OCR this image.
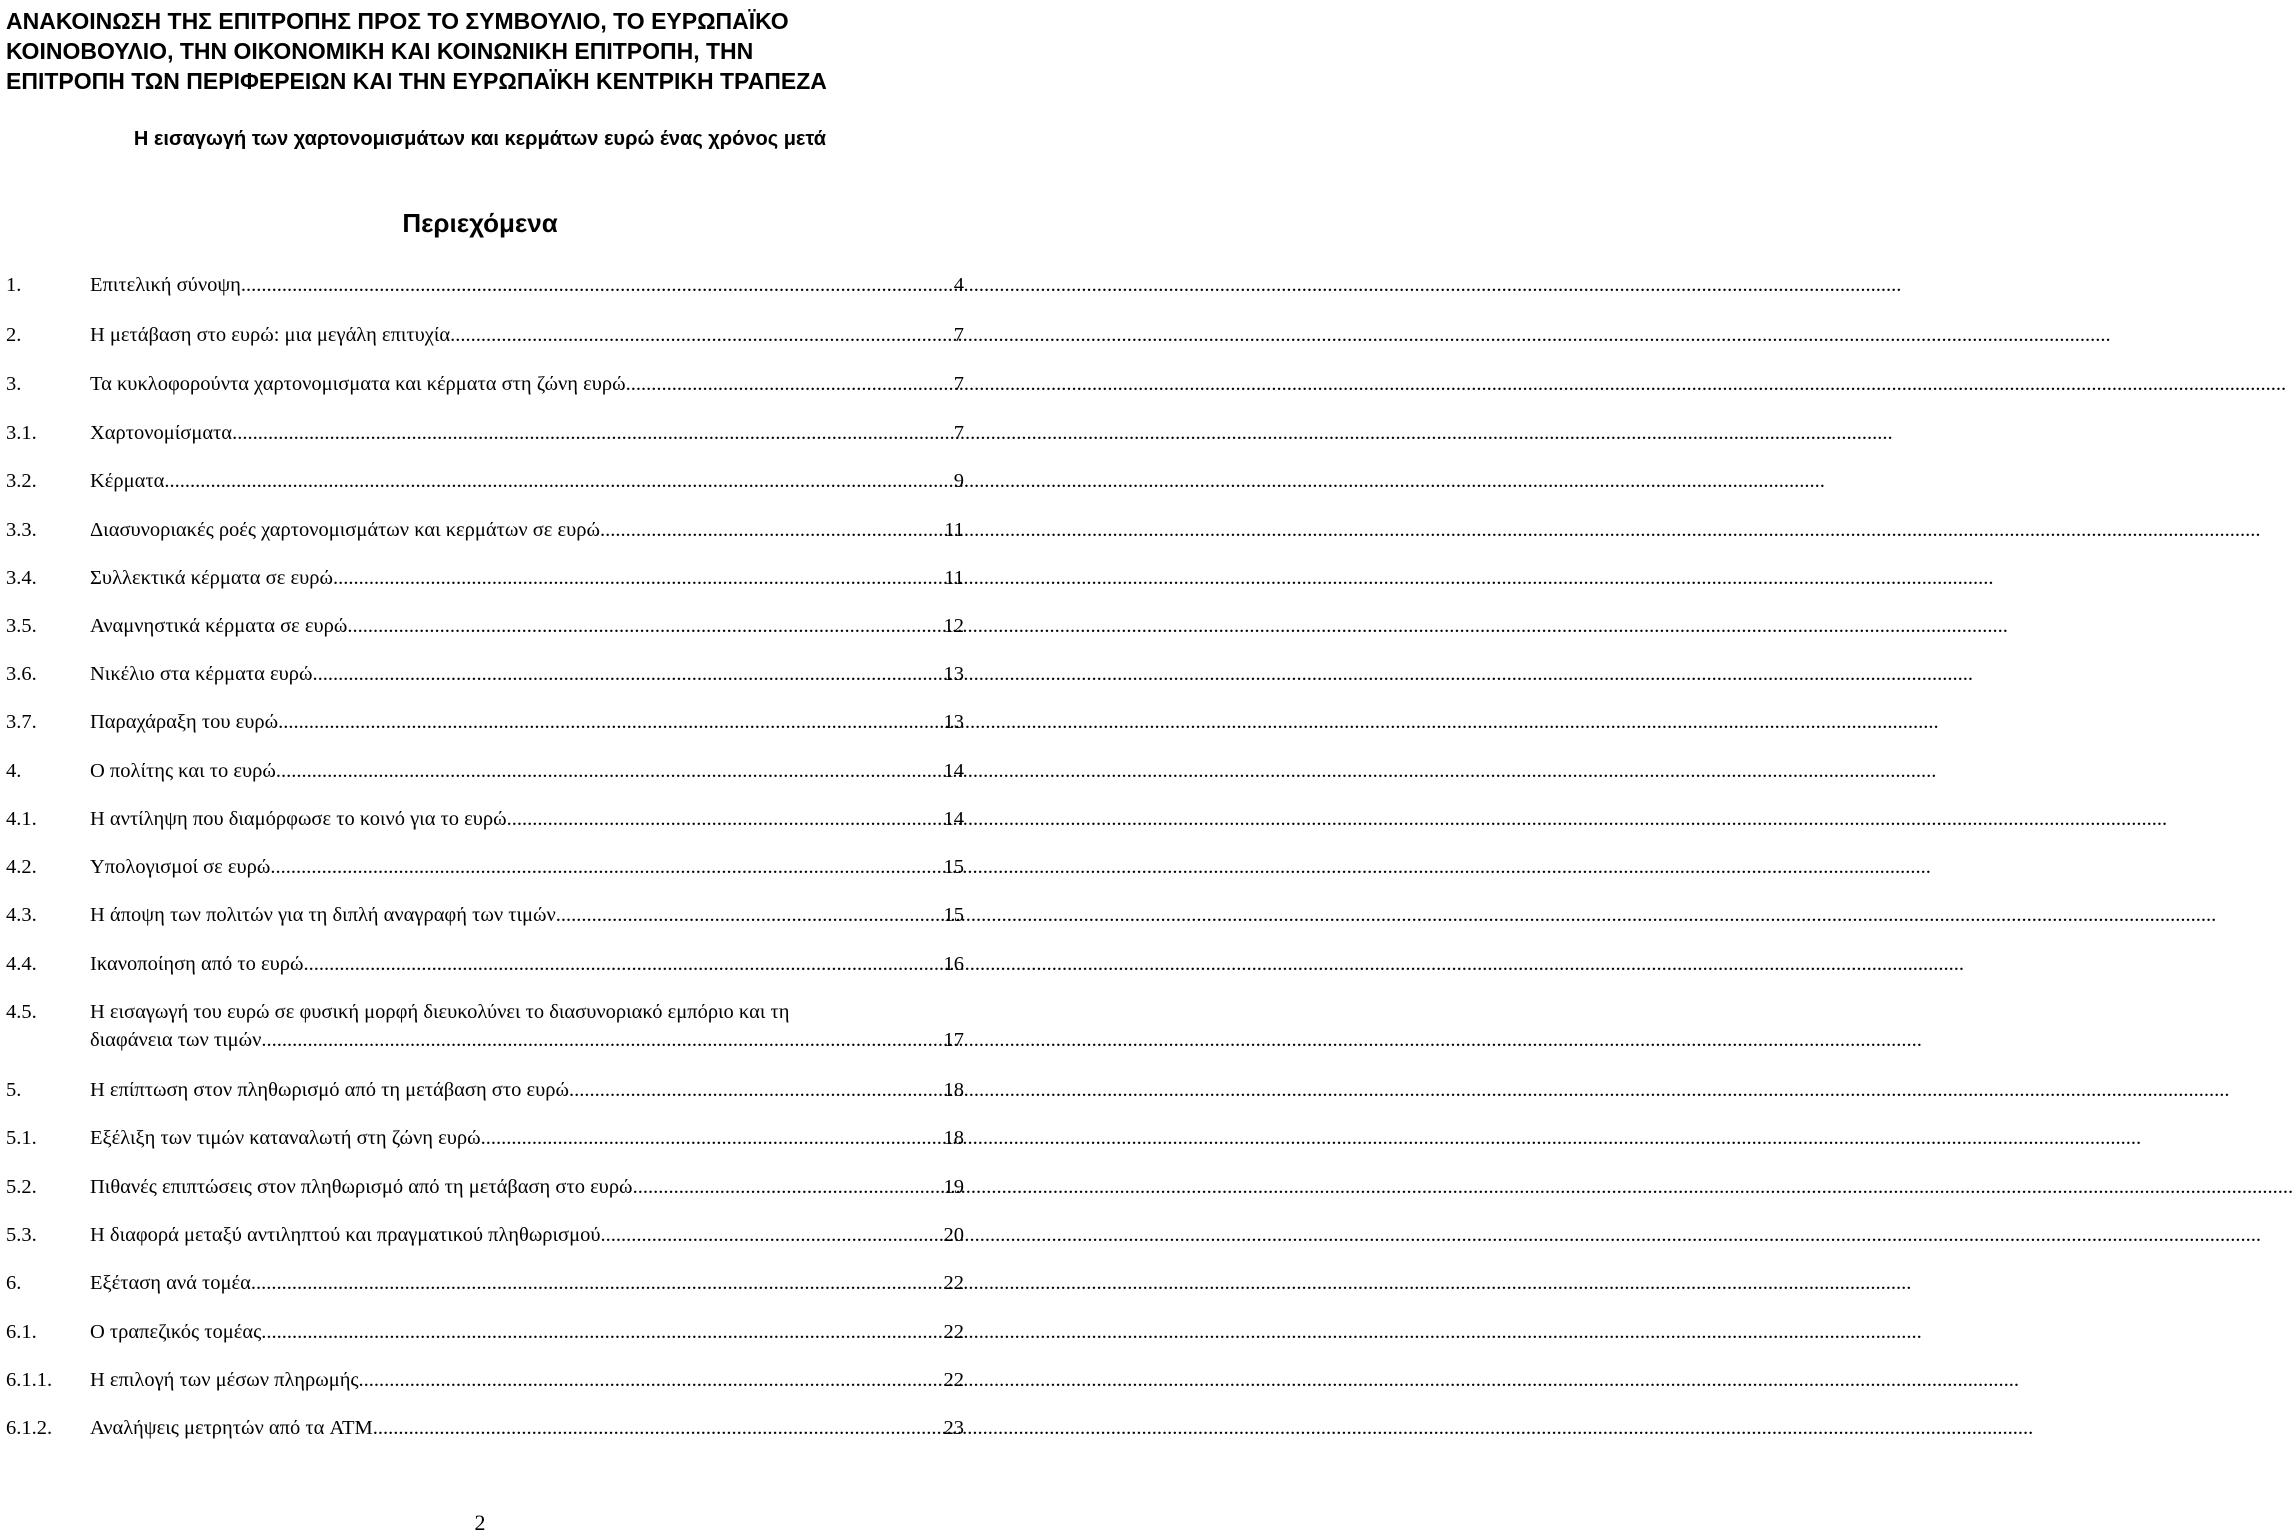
ΑΝΑΚΟΙΝΩΣΗ ΤΗΣ ΕΠΙΤΡΟΠΗΣ ΠΡΟΣ ΤΟ ΣΥΜΒΟΥΛΙΟ, ΤΟ ΕΥΡΩΠΑΪΚΟ
ΚΟΙΝΟΒΟΥΛΙΟ, ΤΗΝ ΟΙΚΟΝΟΜΙΚΗ ΚΑΙ ΚΟΙΝΩΝΙΚΗ ΕΠΙΤΡΟΠΗ, ΤΗΝ
ΕΠΙΤΡΟΠΗ ΤΩΝ ΠΕΡΙΦΕΡΕΙΩΝ ΚΑΙ ΤΗΝ ΕΥΡΩΠΑΪΚΗ ΚΕΝΤΡΙΚΗ ΤΡΑΠΕΖΑ
Η εισαγωγή των χαρτονομισμάτων και κερμάτων ευρώ ένας χρόνος μετά
Περιεχόμενα
1.	Επιτελική σύνοψη .....	4
2.	Η μετάβαση στο ευρώ: μια μεγάλη επιτυχία .....	7
3.	Τα κυκλοφορούντα χαρτονομισματα και κέρματα στη ζώνη ευρώ .....	7
3.1.	Χαρτονομίσματα .....	7
3.2.	Κέρματα .....	9
3.3.	Διασυνοριακές ροές χαρτονομισμάτων και κερμάτων σε ευρώ .....	11
3.4.	Συλλεκτικά κέρματα σε ευρώ .....	11
3.5.	Αναμνηστικά κέρματα σε ευρώ .....	12
3.6.	Νικέλιο στα κέρματα ευρώ .....	13
3.7.	Παραχάραξη του ευρώ .....	13
4.	Ο πολίτης και το ευρώ .....	14
4.1.	Η αντίληψη που διαμόρφωσε το κοινό για το ευρώ .....	14
4.2.	Υπολογισμοί σε ευρώ .....	15
4.3.	Η άποψη των πολιτών για τη διπλή αναγραφή των τιμών .....	15
4.4.	Ικανοποίηση από το ευρώ .....	16
4.5.	Η εισαγωγή του ευρώ σε φυσική μορφή διευκολύνει το διασυνοριακό εμπόριο και τη
διαφάνεια των τιμών .....	17
5.	Η επίπτωση στον πληθωρισμό από τη μετάβαση στο ευρώ .....	18
5.1.	Εξέλιξη των τιμών καταναλωτή στη ζώνη ευρώ .....	18
5.2.	Πιθανές επιπτώσεις στον πληθωρισμό από τη μετάβαση στο ευρώ .....	19
5.3.	Η διαφορά μεταξύ αντιληπτού και πραγματικού πληθωρισμού .....	20
6.	Εξέταση ανά τομέα .....	22
6.1.	Ο τραπεζικός τομέας .....	22
6.1.1.	Η επιλογή των μέσων πληρωμής .....	22
6.1.2.	Αναλήψεις μετρητών από τα ATM .....	23
2
